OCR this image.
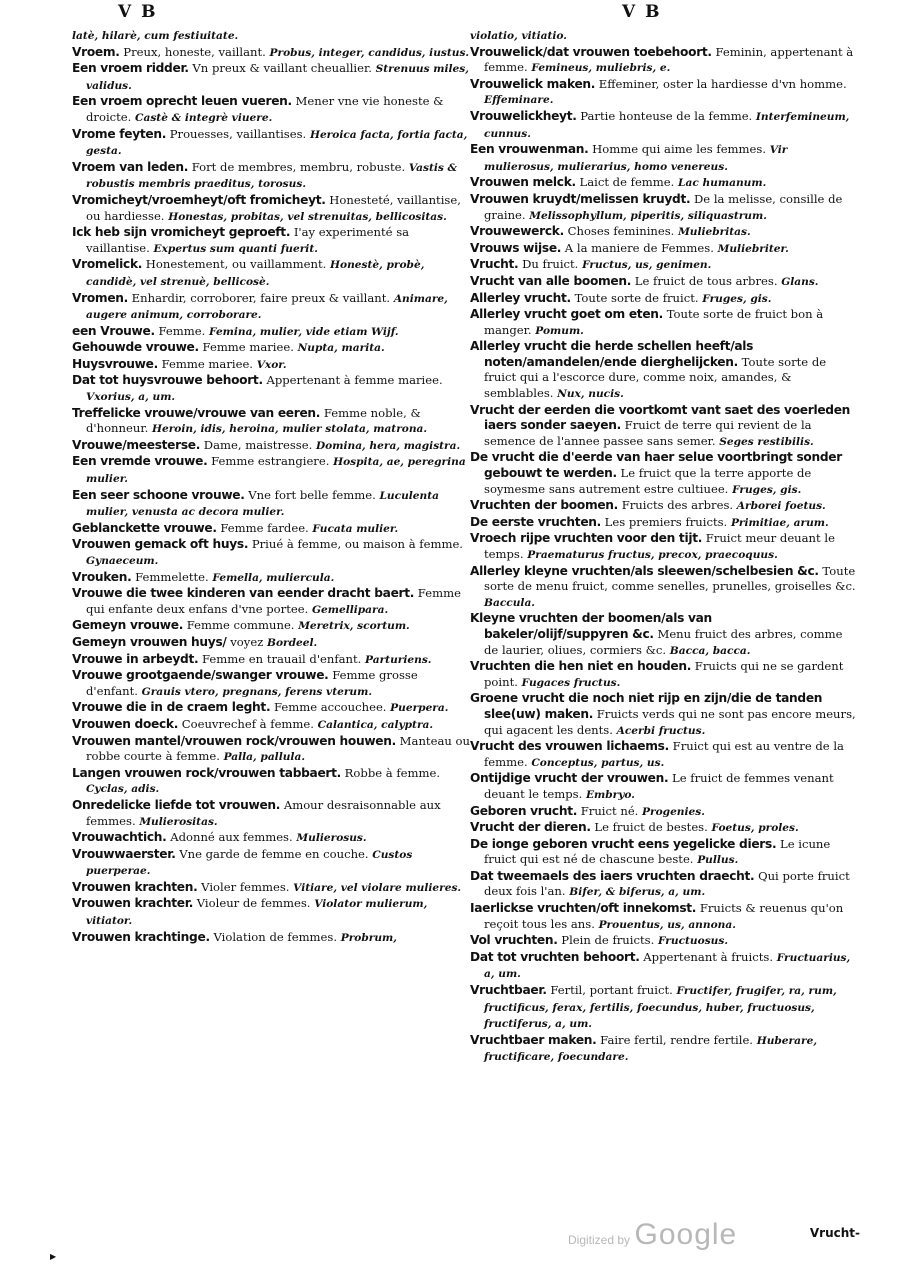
V B	V B
latè, hilarè, cum festiuitate.
Vroem. Preux, honeste, vaillant. Probus, integer, candidus, iustus.
Een vroem ridder. Vn preux & vaillant cheuallier. Strenuus miles, validus.
Een vroem oprecht leuen vueren. Mener vne vie honeste & droicte. Castè & integrè viuere.
Vrome feyten. Prouesses, vaillantises. Heroica facta, fortia facta, gesta.
Vroem van leden. Fort de membres, membru, robuste. Vastis & robustis membris praeditus, torosus.
Vromicheyt/vroemheyt/oft fromicheyt. Honesteté, vaillantise, ou hardiesse. Honestas, probitas, vel strenuitas, bellicositas.
Ick heb sijn vromicheyt geproeft. I'ay experimenté sa vaillantise. Expertus sum quanti fuerit.
Vromelick. Honestement, ou vaillamment. Honestè, probè, candidè, vel strenuè, bellicosè.
Vromen. Enhardir, corroborer, faire preux & vaillant. Animare, augere animum, corroborare.
een Vrouwe. Femme. Femina, mulier, vide etiam Wijf.
Gehouwde vrouwe. Femme mariee. Nupta, marita.
Huysvrouwe. Femme mariee. Vxor.
Dat tot huysvrouwe behoort. Appertenant à femme mariee. Vxorius, a, um.
Treffelicke vrouwe/vrouwe van eeren. Femme noble, & d'honneur. Heroin, idis, heroina, mulier stolata, matrona.
Vrouwe/meesterse. Dame, maistresse. Domina, hera, magistra.
Een vremde vrouwe. Femme estrangiere. Hospita, ae, peregrina mulier.
Een seer schoone vrouwe. Vne fort belle femme. Luculenta mulier, venusta ac decora mulier.
Geblanckette vrouwe. Femme fardee. Fucata mulier.
Vrouwen gemack oft huys. Priué à femme, ou maison à femme. Gynaeceum.
Vrouken. Femmelette. Femella, muliercula.
Vrouwe die twee kinderen van eender dracht baert. Femme qui enfante deux enfans d'vne portee. Gemellipara.
Gemeyn vrouwe. Femme commune. Meretrix, scortum.
Gemeyn vrouwen huys/ voyez Bordeel.
Vrouwe in arbeydt. Femme en trauail d'enfant. Parturiens.
Vrouwe grootgaende/swanger vrouwe. Femme grosse d'enfant. Grauis vtero, pregnans, ferens vterum.
Vrouwe die in de craem leght. Femme accouchee. Puerpera.
Vrouwen doeck. Coeuvrechef à femme. Calantica, calyptra.
Vrouwen mantel/vrouwen rock/vrouwen houwen. Manteau ou robbe courte à femme. Palla, pallula.
Langen vrouwen rock/vrouwen tabbaert. Robbe à femme. Cyclas, adis.
Onredelicke liefde tot vrouwen. Amour desraisonnable aux femmes. Mulierositas.
Vrouwachtich. Adonné aux femmes. Mulierosus.
Vrouwwaerster. Vne garde de femme en couche. Custos puerperae.
Vrouwen krachten. Violer femmes. Vitiare, vel violare mulieres.
Vrouwen krachter. Violeur de femmes. Violator mulierum, vitiator.
Vrouwen krachtinge. Violation de femmes. Probrum,
violatio, vitiatio.
Vrouwelick/dat vrouwen toebehoort. Feminin, appertenant à femme. Femineus, muliebris, e.
Vrouwelick maken. Effeminer, oster la hardiesse d'vn homme. Effeminare.
Vrouwelickheyt. Partie honteuse de la femme. Interfemineum, cunnus.
Een vrouwenman. Homme qui aime les femmes. Vir mulierosus, mulierarius, homo venereus.
Vrouwen melck. Laict de femme. Lac humanum.
Vrouwen kruydt/melissen kruydt. De la melisse, consille de graine. Melissophyllum, piperitis, siliquastrum.
Vrouwewerck. Choses feminines. Muliebritas.
Vrouws wijse. A la maniere de Femmes. Muliebriter.
Vrucht. Du fruict. Fructus, us, genimen.
Vrucht van alle boomen. Le fruict de tous arbres. Glans.
Allerley vrucht. Toute sorte de fruict. Fruges, gis.
Allerley vrucht goet om eten. Toute sorte de fruict bon à manger. Pomum.
Allerley vrucht die herde schellen heeft/als noten/amandelen/ende dierghelijcken. Toute sorte de fruict qui a l'escorce dure, comme noix, amandes, & semblables. Nux, nucis.
Vrucht der eerden die voortkomt vant saet des voerleden iaers sonder saeyen. Fruict de terre qui revient de la semence de l'annee passee sans semer. Seges restibilis.
De vrucht die d'eerde van haer selue voortbringt sonder gebouwt te werden. Le fruict que la terre apporte de soymesme sans autrement estre cultiuee. Fruges, gis.
Vruchten der boomen. Fruicts des arbres. Arborei foetus.
De eerste vruchten. Les premiers fruicts. Primitiae, arum.
Vroech rijpe vruchten voor den tijt. Fruict meur deuant le temps. Praematurus fructus, precox, praecoquus.
Allerley kleyne vruchten/als sleewen/schelbesien &c. Toute sorte de menu fruict, comme senelles, prunelles, groiselles &c. Baccula.
Kleyne vruchten der boomen/als van bakeler/olijf/suppyren &c. Menu fruict des arbres, comme de laurier, oliues, cormiers &c. Bacca, bacca.
Vruchten die hen niet en houden. Fruicts qui ne se gardent point. Fugaces fructus.
Groene vrucht die noch niet rijp en zijn/die de tanden slee(uw) maken. Fruicts verds qui ne sont pas encore meurs, qui agacent les dents. Acerbi fructus.
Vrucht des vrouwen lichaems. Fruict qui est au ventre de la femme. Conceptus, partus, us.
Ontijdige vrucht der vrouwen. Le fruict de femmes venant deuant le temps. Embryo.
Geboren vrucht. Fruict né. Progenies.
Vrucht der dieren. Le fruict de bestes. Foetus, proles.
De ionge geboren vrucht eens yegelicke diers. Le icune fruict qui est né de chascune beste. Pullus.
Dat tweemaels des iaers vruchten draecht. Qui porte fruict deux fois l'an. Bifer, & biferus, a, um.
Iaerlickse vruchten/oft innekomst. Fruicts & reuenus qu'on reçoit tous les ans. Prouentus, us, annona.
Vol vruchten. Plein de fruicts. Fructuosus.
Dat tot vruchten behoort. Appertenant à fruicts. Fructuarius, a, um.
Vruchtbaer. Fertil, portant fruict. Fructifer, frugifer, ra, rum, fructificus, ferax, fertilis, foecundus, huber, fructuosus, fructiferus, a, um.
Vruchtbaer maken. Faire fertil, rendre fertile. Huberare, fructificare, foecundare.
Vrucht-
Digitized by Google
▶
